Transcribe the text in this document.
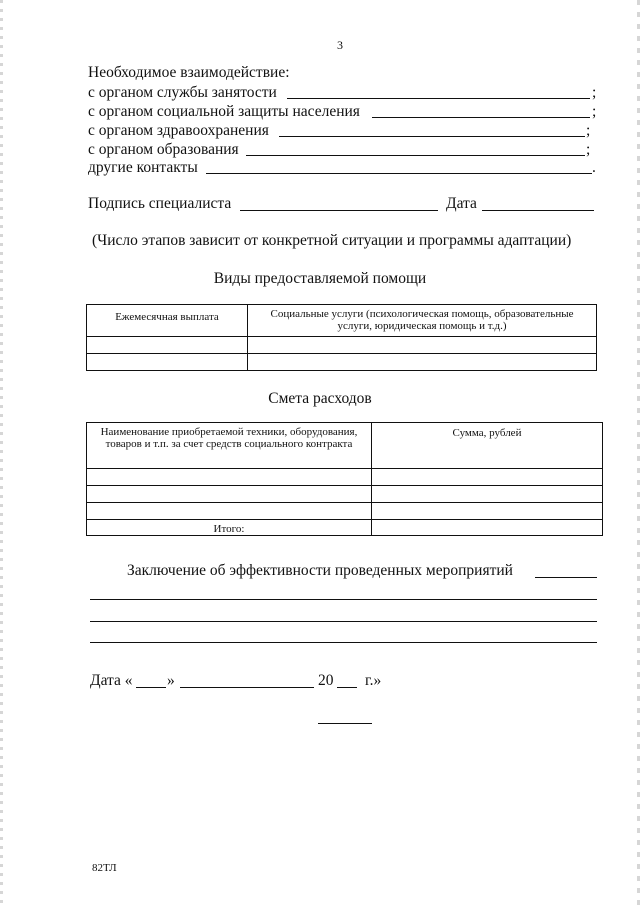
3
Необходимое взаимодействие:
с органом службы занятости	;
с органом социальной защиты населения	;
с органом здравоохранения	;
с органом образования	;
другие контакты	.
Подпись специалиста	Дата
(Число этапов зависит от конкретной ситуации и программы адаптации)
Виды предоставляемой помощи
Ежемесячная выплата	Социальные услуги (психологическая помощь, образовательные услуги, юридическая помощь и т.д.)

Смета расходов
Наименование приобретаемой техники, оборудования, товаров и т.п. за счет средств социального контракта	Сумма, рублей

Итого:	
Заключение об эффективности проведенных мероприятий
Дата « »	20 г.»
82ТЛ
